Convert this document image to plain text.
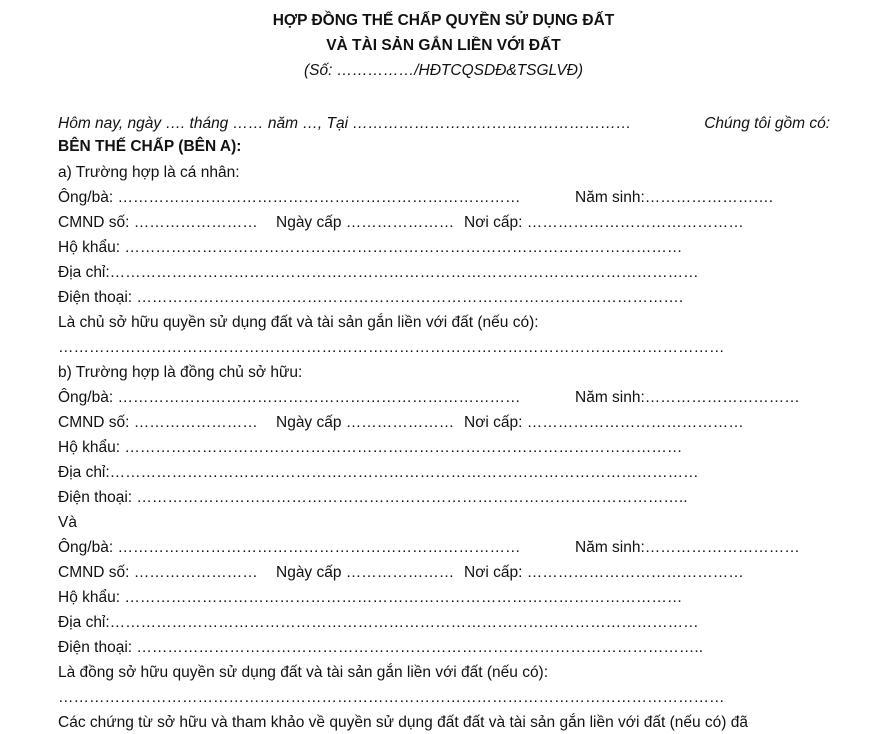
HỢP ĐỒNG THẾ CHẤP QUYỀN SỬ DỤNG ĐẤT
VÀ TÀI SẢN GẮN LIỀN VỚI ĐẤT
(Số: ……………/HĐTCQSDĐ&TSGLVĐ)
Hôm nay, ngày …. tháng …… năm …, Tại ………………………………………………	Chúng tôi gồm có:
BÊN THẾ CHẤP (BÊN A):
a) Trường hợp là cá nhân:
Ông/bà: ……………………………………………………………………	Năm sinh:…………………….
CMND số: …………………… Ngày cấp ………………… Nơi cấp: ……………………………………
Hộ khẩu: ………………………………………………………………………………………………
Địa chỉ:……………………………………………………………………………………………………
Điện thoại: …………………………………………………………………………………………….
Là chủ sở hữu quyền sử dụng đất và tài sản gắn liền với đất (nếu có):
…………………………………………………………………………………………………………………
b) Trường hợp là đồng chủ sở hữu:
Ông/bà: ……………………………………………………………………	Năm sinh:…………………………
CMND số: …………………… Ngày cấp ………………… Nơi cấp: ……………………………………
Hộ khẩu: ………………………………………………………………………………………………
Địa chỉ:……………………………………………………………………………………………………
Điện thoại: ……………………………………………………………………………………………..
Và
Ông/bà: ……………………………………………………………………	Năm sinh:…………………………
CMND số: …………………… Ngày cấp ………………… Nơi cấp: ……………………………………
Hộ khẩu: ………………………………………………………………………………………………
Địa chỉ:……………………………………………………………………………………………………
Điện thoại: ………………………………………………………………………………………………..
Là đồng sở hữu quyền sử dụng đất và tài sản gắn liền với đất (nếu có):
…………………………………………………………………………………………………………………
Các chứng từ sở hữu và tham khảo về quyền sử dụng đất đất và tài sản gắn liền với đất (nếu có) đã
